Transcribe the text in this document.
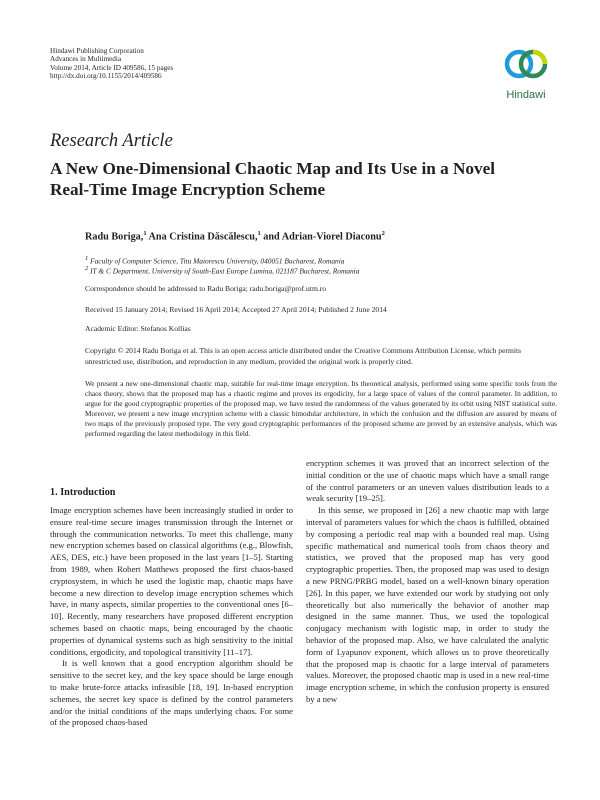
Hindawi Publishing Corporation
Advances in Multimedia
Volume 2014, Article ID 409586, 15 pages
http://dx.doi.org/10.1155/2014/409586
Hindawi
Research Article
A New One-Dimensional Chaotic Map and Its Use in a Novel Real-Time Image Encryption Scheme
Radu Boriga,$^1$ Ana Cristina Dăscălescu,$^1$ and Adrian-Viorel Diaconu$^2$
$^1$ Faculty of Computer Science, Titu Maiorescu University, 040051 Bucharest, Romania
$^2$ IT & C Department, University of South-East Europe Lumina, 021187 Bucharest, Romania
Correspondence should be addressed to Radu Boriga; radu.boriga@prof.utm.ro
Received 15 January 2014; Revised 16 April 2014; Accepted 27 April 2014; Published 2 June 2014
Academic Editor: Stefanos Kollias
Copyright © 2014 Radu Boriga et al. This is an open access article distributed under the Creative Commons Attribution License, which permits unrestricted use, distribution, and reproduction in any medium, provided the original work is properly cited.
We present a new one-dimensional chaotic map, suitable for real-time image encryption. Its theoretical analysis, performed using some specific tools from the chaos theory, shows that the proposed map has a chaotic regime and proves its ergodicity, for a large space of values of the control parameter. In addition, to argue for the good cryptographic properties of the proposed map, we have tested the randomness of the values generated by its orbit using NIST statistical suite. Moreover, we present a new image encryption scheme with a classic bimodular architecture, in which the confusion and the diffusion are assured by means of two maps of the previously proposed type. The very good cryptographic performances of the proposed scheme are proved by an extensive analysis, which was performed regarding the latest methodology in this field.
1. Introduction

Image encryption schemes have been increasingly studied in order to ensure real-time secure images transmission through the Internet or through the communication networks. To meet this challenge, many new encryption schemes based on classical algorithms (e.g., Blowfish, AES, DES, etc.) have been proposed in the last years [1–5]. Starting from 1989, when Robert Matthews proposed the first chaos-based cryptosystem, in which he used the logistic map, chaotic maps have become a new direction to develop image encryption schemes which have, in many aspects, similar properties to the conventional ones [6–10]. Recently, many researchers have proposed different encryption schemes based on chaotic maps, being encouraged by the chaotic properties of dynamical systems such as high sensitivity to the initial conditions, ergodicity, and topological transitivity [11–17].

It is well known that a good encryption algorithm should be sensitive to the secret key, and the key space should be large enough to make brute-force attacks infeasible [18, 19]. In-based encryption schemes, the secret key space is defined by the control parameters and/or the initial conditions of the maps underlying chaos. For some of the proposed chaos-based

encryption schemes it was proved that an incorrect selection of the initial condition or the use of chaotic maps which have a small range of the control parameters or an uneven values distribution leads to a weak security [19–25].

In this sense, we proposed in [26] a new chaotic map with large interval of parameters values for which the chaos is fulfilled, obtained by composing a periodic real map with a bounded real map. Using specific mathematical and numerical tools from chaos theory and statistics, we proved that the proposed map has very good cryptographic properties. Then, the proposed map was used to design a new PRNG/PRBG model, based on a well-known binary operation [26]. In this paper, we have extended our work by studying not only theoretically but also numerically the behavior of another map designed in the same manner. Thus, we used the topological conjugacy mechanism with logistic map, in order to study the behavior of the proposed map. Also, we have calculated the analytic form of Lyapunov exponent, which allows us to prove theoretically that the proposed map is chaotic for a large interval of parameters values. Moreover, the proposed chaotic map is used in a new real-time image encryption scheme, in which the confusion property is ensured by a new
